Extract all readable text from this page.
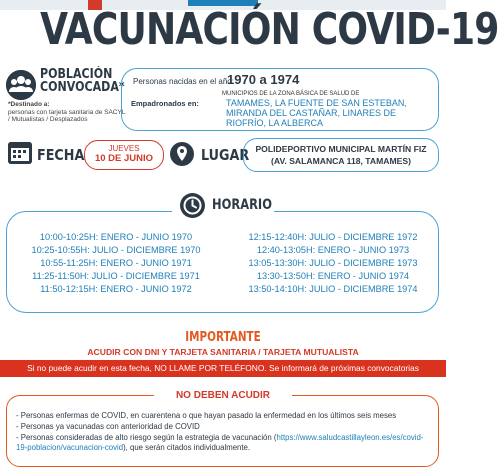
VACUNACIÓN COVID-19
POBLACIÓN
CONVOCADA*
*Destinado a:
personas con tarjeta sanitaria de SACYL / Mutualistas / Desplazados
Personas nacidas en el año:
1970 a 1974
MUNICIPIOS DE LA ZONA BÁSICA DE SALUD DE
Empadronados en:	TAMAMES, LA FUENTE DE SAN ESTEBAN, MIRANDA DEL CASTAÑAR, LINARES DE RIOFRÍO, LA ALBERCA
FECHA	JUEVES
10 DE JUNIO	LUGAR POLIDEPORTIVO MUNICIPAL MARTÍN FIZ
(AV. SALAMANCA 118, TAMAMES)
HORARIO
10:00-10:25H: ENERO - JUNIO 1970
10:25-10:55H: JULIO - DICIEMBRE 1970
10:55-11:25H: ENERO - JUNIO 1971
11:25-11:50H: JULIO - DICIEMBRE 1971
11:50-12:15H: ENERO - JUNIO 1972
12:15-12:40H: JULIO - DICIEMBRE 1972
12:40-13:05H: ENERO - JUNIO 1973
13:05-13:30H: JULIO - DICIEMBRE 1973
13:30-13:50H: ENERO - JUNIO 1974
13:50-14:10H: JULIO - DICIEMBRE 1974
IMPORTANTE
ACUDIR CON DNI Y TARJETA SANITARIA / TARJETA MUTUALISTA
Si no puede acudir en esta fecha, NO LLAME POR TELÉFONO. Se informará de próximas convocatorias
NO DEBEN ACUDIR
- Personas enfermas de COVID, en cuarentena o que hayan pasado la enfermedad en los últimos seis meses
- Personas ya vacunadas con anterioridad de COVID
- Personas consideradas de alto riesgo según la estrategia de vacunación (https://www.saludcastillayleon.es/es/covid-19-poblacion/vacunacion-covid), que serán citados individualmente.
